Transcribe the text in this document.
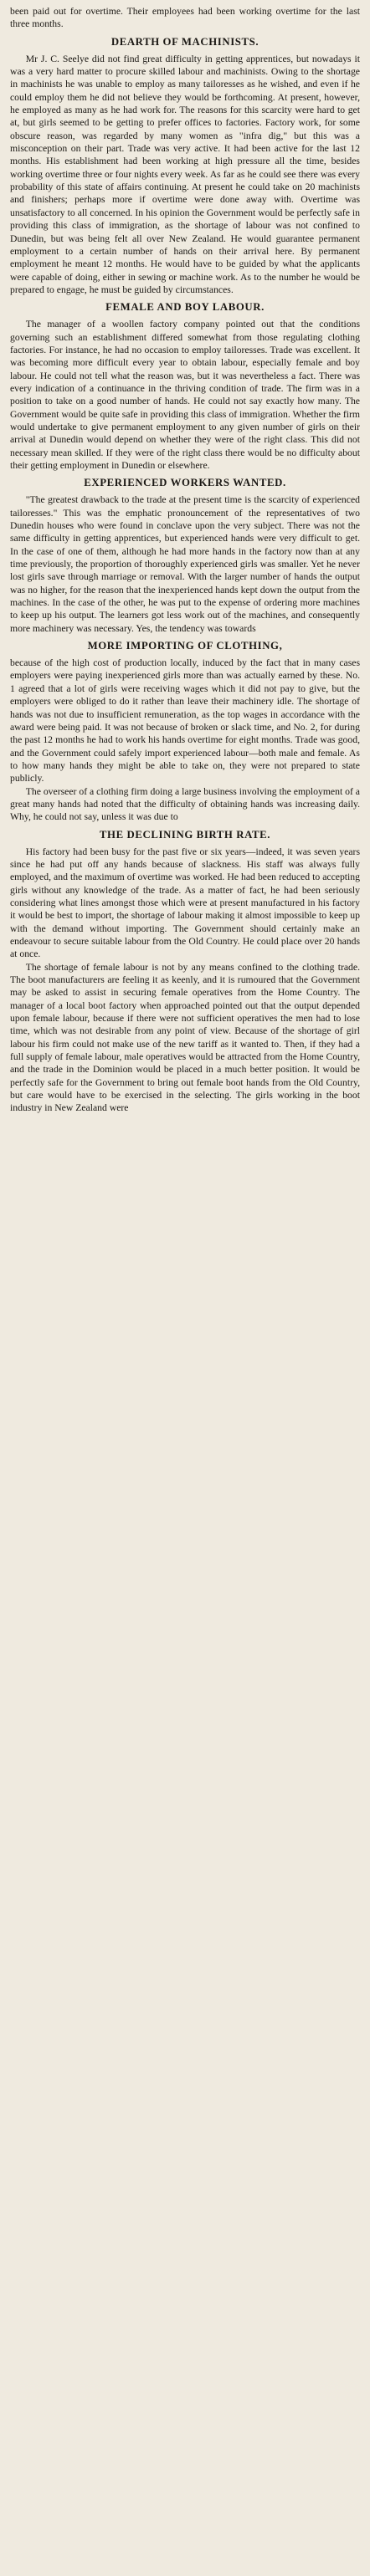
been paid out for overtime. Their employees had been working overtime for the last three months.

DEARTH OF MACHINISTS.

Mr J. C. Seelye did not find great difficulty in getting apprentices, but nowadays it was a very hard matter to procure skilled labour and machinists. Owing to the shortage in machinists he was unable to employ as many tailoresses as he wished, and even if he could employ them he did not believe they would be forthcoming. At present, however, he employed as many as he had work for. The reasons for this scarcity were hard to get at, but girls seemed to be getting to prefer offices to factories. Factory work, for some obscure reason, was regarded by many women as "infra dig," but this was a misconception on their part. Trade was very active. It had been active for the last 12 months. His establishment had been working at high pressure all the time, besides working overtime three or four nights every week. As far as he could see there was every probability of this state of affairs continuing. At present he could take on 20 machinists and finishers; perhaps more if overtime were done away with. Overtime was unsatisfactory to all concerned. In his opinion the Government would be perfectly safe in providing this class of immigration, as the shortage of labour was not confined to Dunedin, but was being felt all over New Zealand. He would guarantee permanent employment to a certain number of hands on their arrival here. By permanent employment he meant 12 months. He would have to be guided by what the applicants were capable of doing, either in sewing or machine work. As to the number he would be prepared to engage, he must be guided by circumstances.

FEMALE AND BOY LABOUR.

The manager of a woollen factory company pointed out that the conditions governing such an establishment differed somewhat from those regulating clothing factories. For instance, he had no occasion to employ tailoresses. Trade was excellent. It was becoming more difficult every year to obtain labour, especially female and boy labour. He could not tell what the reason was, but it was nevertheless a fact. There was every indication of a continuance in the thriving condition of trade. The firm was in a position to take on a good number of hands. He could not say exactly how many. The Government would be quite safe in providing this class of immigration. Whether the firm would undertake to give permanent employment to any given number of girls on their arrival at Dunedin would depend on whether they were of the right class. This did not necessary mean skilled. If they were of the right class there would be no difficulty about their getting employment in Dunedin or elsewhere.

EXPERIENCED WORKERS WANTED.

"The greatest drawback to the trade at the present time is the scarcity of experienced tailoresses." This was the emphatic pronouncement of the representatives of two Dunedin houses who were found in conclave upon the very subject. There was not the same difficulty in getting apprentices, but experienced hands were very difficult to get. In the case of one of them, although he had more hands in the factory now than at any time previously, the proportion of thoroughly experienced girls was smaller. Yet he never lost girls save through marriage or removal. With the larger number of hands the output was no higher, for the reason that the inexperienced hands kept down the output from the machines. In the case of the other, he was put to the expense of ordering more machines to keep up his output. The learners got less work out of the machines, and consequently more machinery was necessary. Yes, the tendency was towards

MORE IMPORTING OF CLOTHING,

because of the high cost of production locally, induced by the fact that in many cases employers were paying inexperienced girls more than was actually earned by these. No. 1 agreed that a lot of girls were receiving wages which it did not pay to give, but the employers were obliged to do it rather than leave their machinery idle. The shortage of hands was not due to insufficient remuneration, as the top wages in accordance with the award were being paid. It was not because of broken or slack time, and No. 2, for during the past 12 months he had to work his hands overtime for eight months. Trade was good, and the Government could safely import experienced labour—both male and female. As to how many hands they might be able to take on, they were not prepared to state publicly.

The overseer of a clothing firm doing a large business involving the employment of a great many hands had noted that the difficulty of obtaining hands was increasing daily. Why, he could not say, unless it was due to

THE DECLINING BIRTH RATE.

His factory had been busy for the past five or six years—indeed, it was seven years since he had put off any hands because of slackness. His staff was always fully employed, and the maximum of overtime was worked. He had been reduced to accepting girls without any knowledge of the trade. As a matter of fact, he had been seriously considering what lines amongst those which were at present manufactured in his factory it would be best to import, the shortage of labour making it almost impossible to keep up with the demand without importing. The Government should certainly make an endeavour to secure suitable labour from the Old Country. He could place over 20 hands at once.

The shortage of female labour is not by any means confined to the clothing trade. The boot manufacturers are feeling it as keenly, and it is rumoured that the Government may be asked to assist in securing female operatives from the Home Country. The manager of a local boot factory when approached pointed out that the output depended upon female labour, because if there were not sufficient operatives the men had to lose time, which was not desirable from any point of view. Because of the shortage of girl labour his firm could not make use of the new tariff as it wanted to. Then, if they had a full supply of female labour, male operatives would be attracted from the Home Country, and the trade in the Dominion would be placed in a much better position. It would be perfectly safe for the Government to bring out female boot hands from the Old Country, but care would have to be exercised in the selecting. The girls working in the boot industry in New Zealand were
